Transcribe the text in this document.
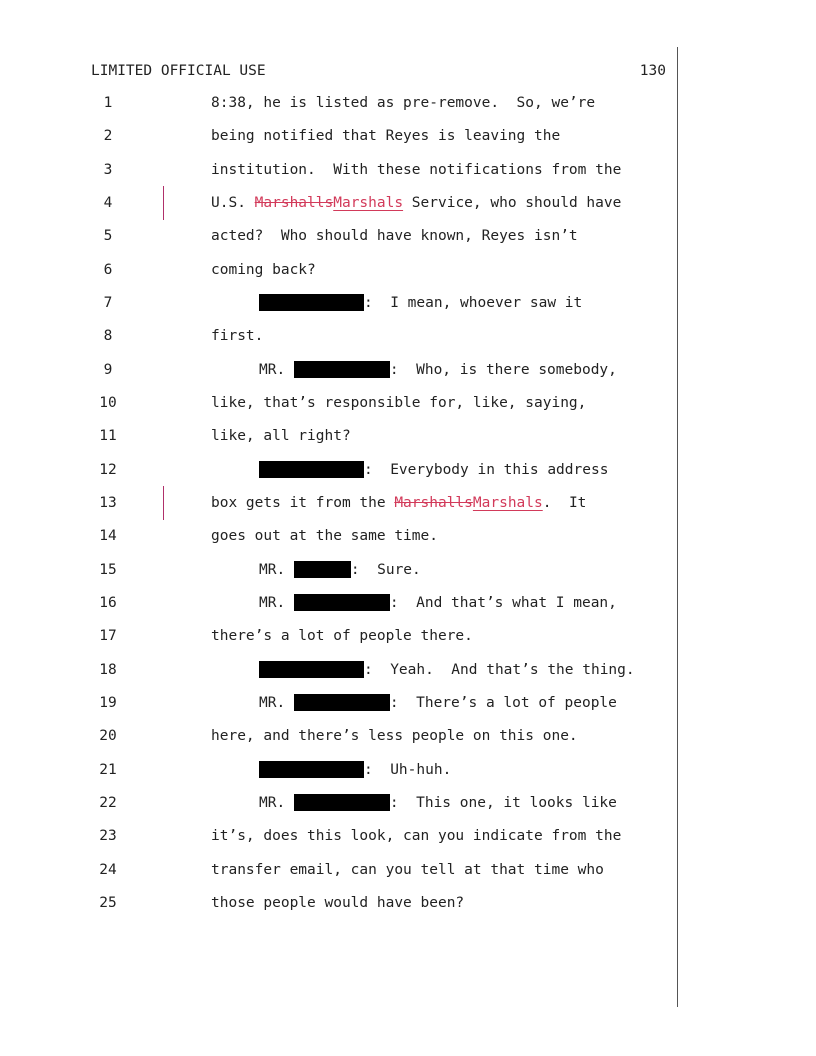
LIMITED OFFICIAL USE	130
1	8:38, he is listed as pre-remove.  So, we’re
2	being notified that Reyes is leaving the
3	institution.  With these notifications from the
4	U.S. MarshallsMarshals Service, who should have
5	acted?  Who should have known, Reyes isn’t
6	coming back?
7	:  I mean, whoever saw it
8	first.
9	MR.	:  Who, is there somebody,
10	like, that’s responsible for, like, saying,
11	like, all right?
12	:  Everybody in this address
13	box gets it from the MarshallsMarshals.  It
14	goes out at the same time.
15	MR.	:  Sure.
16	MR.	:  And that’s what I mean,
17	there’s a lot of people there.
18	:  Yeah.  And that’s the thing.
19	MR.	:  There’s a lot of people
20	here, and there’s less people on this one.
21	:  Uh-huh.
22	MR.	:  This one, it looks like
23	it’s, does this look, can you indicate from the
24	transfer email, can you tell at that time who
25	those people would have been?
